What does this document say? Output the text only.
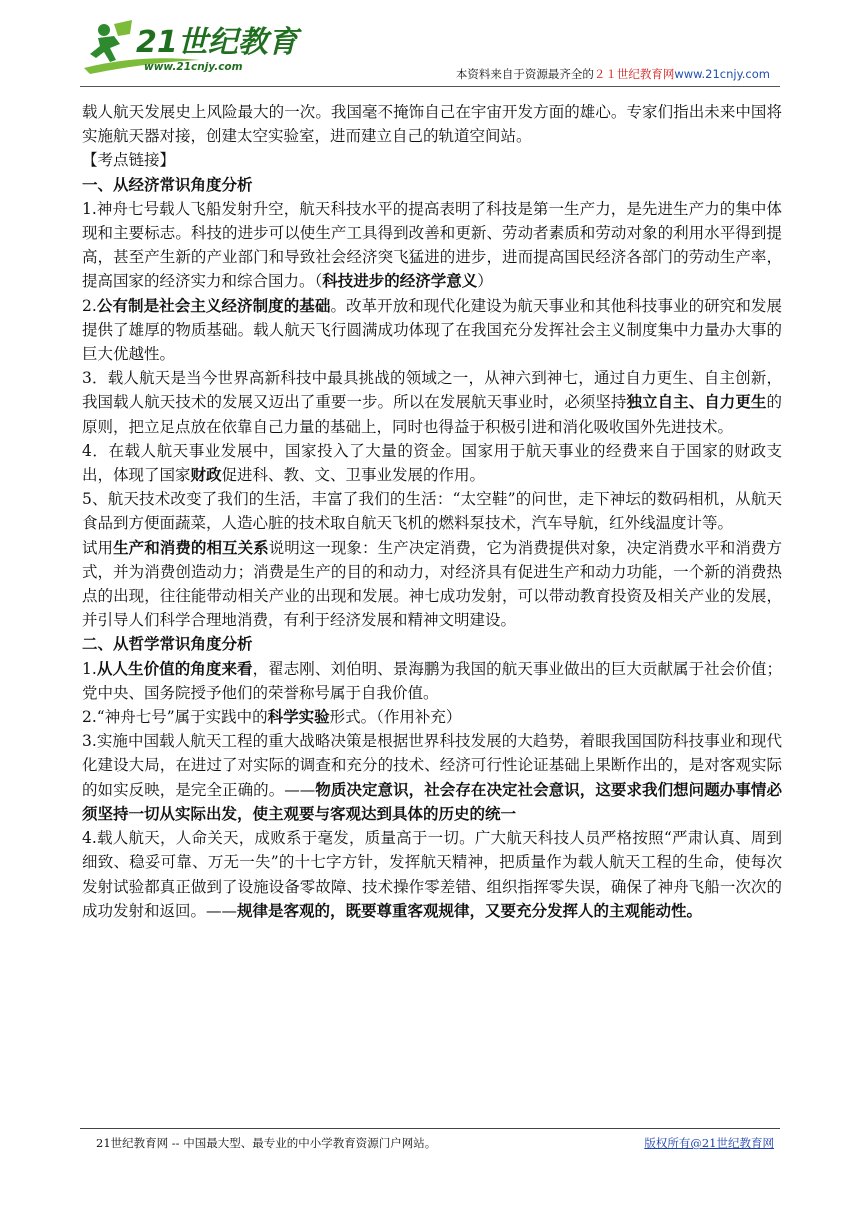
21世纪教育
www.21cnjy.com	本资料来自于资源最齐全的２１世纪教育网www.21cnjy.com

载人航天发展史上风险最大的一次。我国毫不掩饰自己在宇宙开发方面的雄心。专家们指出未来中国将实施航天器对接，创建太空实验室，进而建立自己的轨道空间站。

【考点链接】

一、从经济常识角度分析

1.神舟七号载人飞船发射升空，航天科技水平的提高表明了科技是第一生产力，是先进生产力的集中体现和主要标志。科技的进步可以使生产工具得到改善和更新、劳动者素质和劳动对象的利用水平得到提高，甚至产生新的产业部门和导致社会经济突飞猛进的进步，进而提高国民经济各部门的劳动生产率，提高国家的经济实力和综合国力。（科技进步的经济学意义）

2.公有制是社会主义经济制度的基础。改革开放和现代化建设为航天事业和其他科技事业的研究和发展提供了雄厚的物质基础。载人航天飞行圆满成功体现了在我国充分发挥社会主义制度集中力量办大事的巨大优越性。

3．载人航天是当今世界高新科技中最具挑战的领域之一，从神六到神七，通过自力更生、自主创新，我国载人航天技术的发展又迈出了重要一步。所以在发展航天事业时，必须坚持独立自主、自力更生的原则，把立足点放在依靠自己力量的基础上，同时也得益于积极引进和消化吸收国外先进技术。

4．在载人航天事业发展中，国家投入了大量的资金。国家用于航天事业的经费来自于国家的财政支出，体现了国家财政促进科、教、文、卫事业发展的作用。

5、航天技术改变了我们的生活，丰富了我们的生活：“太空鞋”的问世，走下神坛的数码相机，从航天食品到方便面蔬菜，人造心脏的技术取自航天飞机的燃料泵技术，汽车导航，红外线温度计等。

试用生产和消费的相互关系说明这一现象：生产决定消费，它为消费提供对象，决定消费水平和消费方式，并为消费创造动力；消费是生产的目的和动力，对经济具有促进生产和动力功能，一个新的消费热点的出现，往往能带动相关产业的出现和发展。神七成功发射，可以带动教育投资及相关产业的发展，并引导人们科学合理地消费，有利于经济发展和精神文明建设。

二、从哲学常识角度分析

1.从人生价值的角度来看，翟志刚、刘伯明、景海鹏为我国的航天事业做出的巨大贡献属于社会价值；党中央、国务院授予他们的荣誉称号属于自我价值。

2.“神舟七号”属于实践中的科学实验形式。（作用补充）

3.实施中国载人航天工程的重大战略决策是根据世界科技发展的大趋势，着眼我国国防科技事业和现代化建设大局，在进过了对实际的调查和充分的技术、经济可行性论证基础上果断作出的，是对客观实际的如实反映，是完全正确的。——物质决定意识，社会存在决定社会意识，这要求我们想问题办事情必须坚持一切从实际出发，使主观要与客观达到具体的历史的统一

4.载人航天，人命关天，成败系于毫发，质量高于一切。广大航天科技人员严格按照“严肃认真、周到细致、稳妥可靠、万无一失”的十七字方针，发挥航天精神，把质量作为载人航天工程的生命，使每次发射试验都真正做到了设施设备零故障、技术操作零差错、组织指挥零失误，确保了神舟飞船一次次的成功发射和返回。——规律是客观的，既要尊重客观规律，又要充分发挥人的主观能动性。

21世纪教育网 -- 中国最大型、最专业的中小学教育资源门户网站。	版权所有@21世纪教育网
